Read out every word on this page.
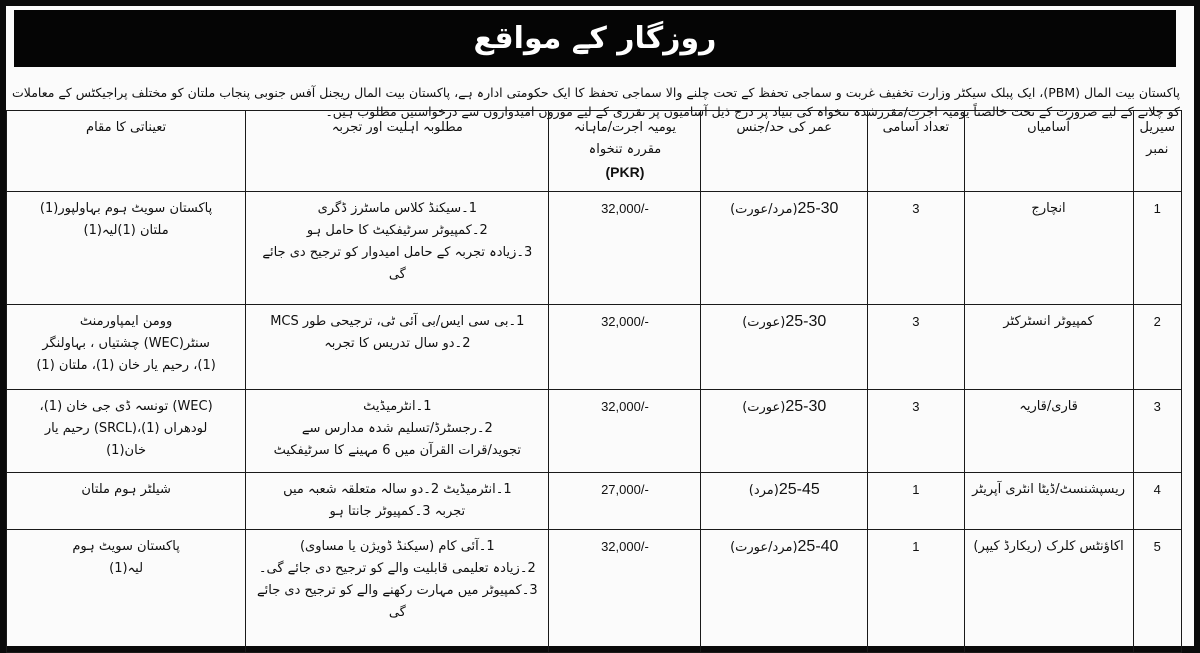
روزگار کے مواقع

پاکستان بیت المال (PBM)، ایک پبلک سیکٹر وزارت تخفیف غربت و سماجی تحفظ کے تحت چلنے والا سماجی تحفظ کا ایک حکومتی ادارہ ہے، پاکستان بیت المال ریجنل آفس جنوبی پنجاب ملتان کو مختلف پراجیکٹس کے معاملات کو چلانے کے لیے ضرورت کے تحت خالصتاً یومیہ اجرت/مقررشدہ تنخواہ کی بنیاد پر درج ذیل آسامیوں پر تقرری کے لیے موزوں امیدواروں سے درخواستیں مطلوب ہیں۔

سیریل نمبر	آسامیاں	تعداد آسامی	عمر کی حد/جنس	یومیہ اجرت/ماہانہ
مقررہ تنخواہ
(PKR)	مطلوبہ اہلیت اور تجربہ	تعیناتی کا مقام
1	انچارج	3	25-30(مرد/عورت)	32,000/-	1۔سیکنڈ کلاس ماسٹرز ڈگری
2۔کمپیوٹر سرٹیفکیٹ کا حامل ہو
3۔زیادہ تجربہ کے حامل امیدوار کو ترجیح دی جائے گی	پاکستان سویٹ ہوم بہاولپور(1)
ملتان (1)لیہ(1)

2	کمپیوٹر انسٹرکٹر	3	25-30(عورت)	32,000/-	1۔بی سی ایس/بی آئی ٹی، ترجیحی طور MCS
2۔دو سال تدریس کا تجربہ	وومن ایمپاورمنٹ
سنٹر(WEC) چشتیاں ، بہاولنگر
(1)، رحیم یار خان (1)، ملتان (1)

3	قاری/قاریہ	3	25-30(عورت)	32,000/-	1۔انٹرمیڈیٹ
2۔رجسٹرڈ/تسلیم شدہ مدارس سے
تجوید/قرات القرآن میں 6 مہینے کا سرٹیفکیٹ	(WEC) تونسہ ڈی جی خان (1)،
لودھراں (1)،(SRCL) رحیم یار
خان(1)

4	ریسپشنسٹ/ڈیٹا انٹری آپریٹر	1	25-45(مرد)	27,000/-	1۔انٹرمیڈیٹ 2۔دو سالہ متعلقہ شعبہ میں
تجربہ 3۔کمپیوٹر جانتا ہو	شیلٹر ہوم ملتان

5	اکاؤنٹس کلرک (ریکارڈ کیپر)	1	25-40(مرد/عورت)	32,000/-	1۔آئی کام (سیکنڈ ڈویژن یا مساوی)
2۔زیادہ تعلیمی قابلیت والے کو ترجیح دی جائے گی۔
3۔کمپیوٹر میں مہارت رکھنے والے کو ترجیح دی جائے گی	پاکستان سویٹ ہوم
لیہ(1)
